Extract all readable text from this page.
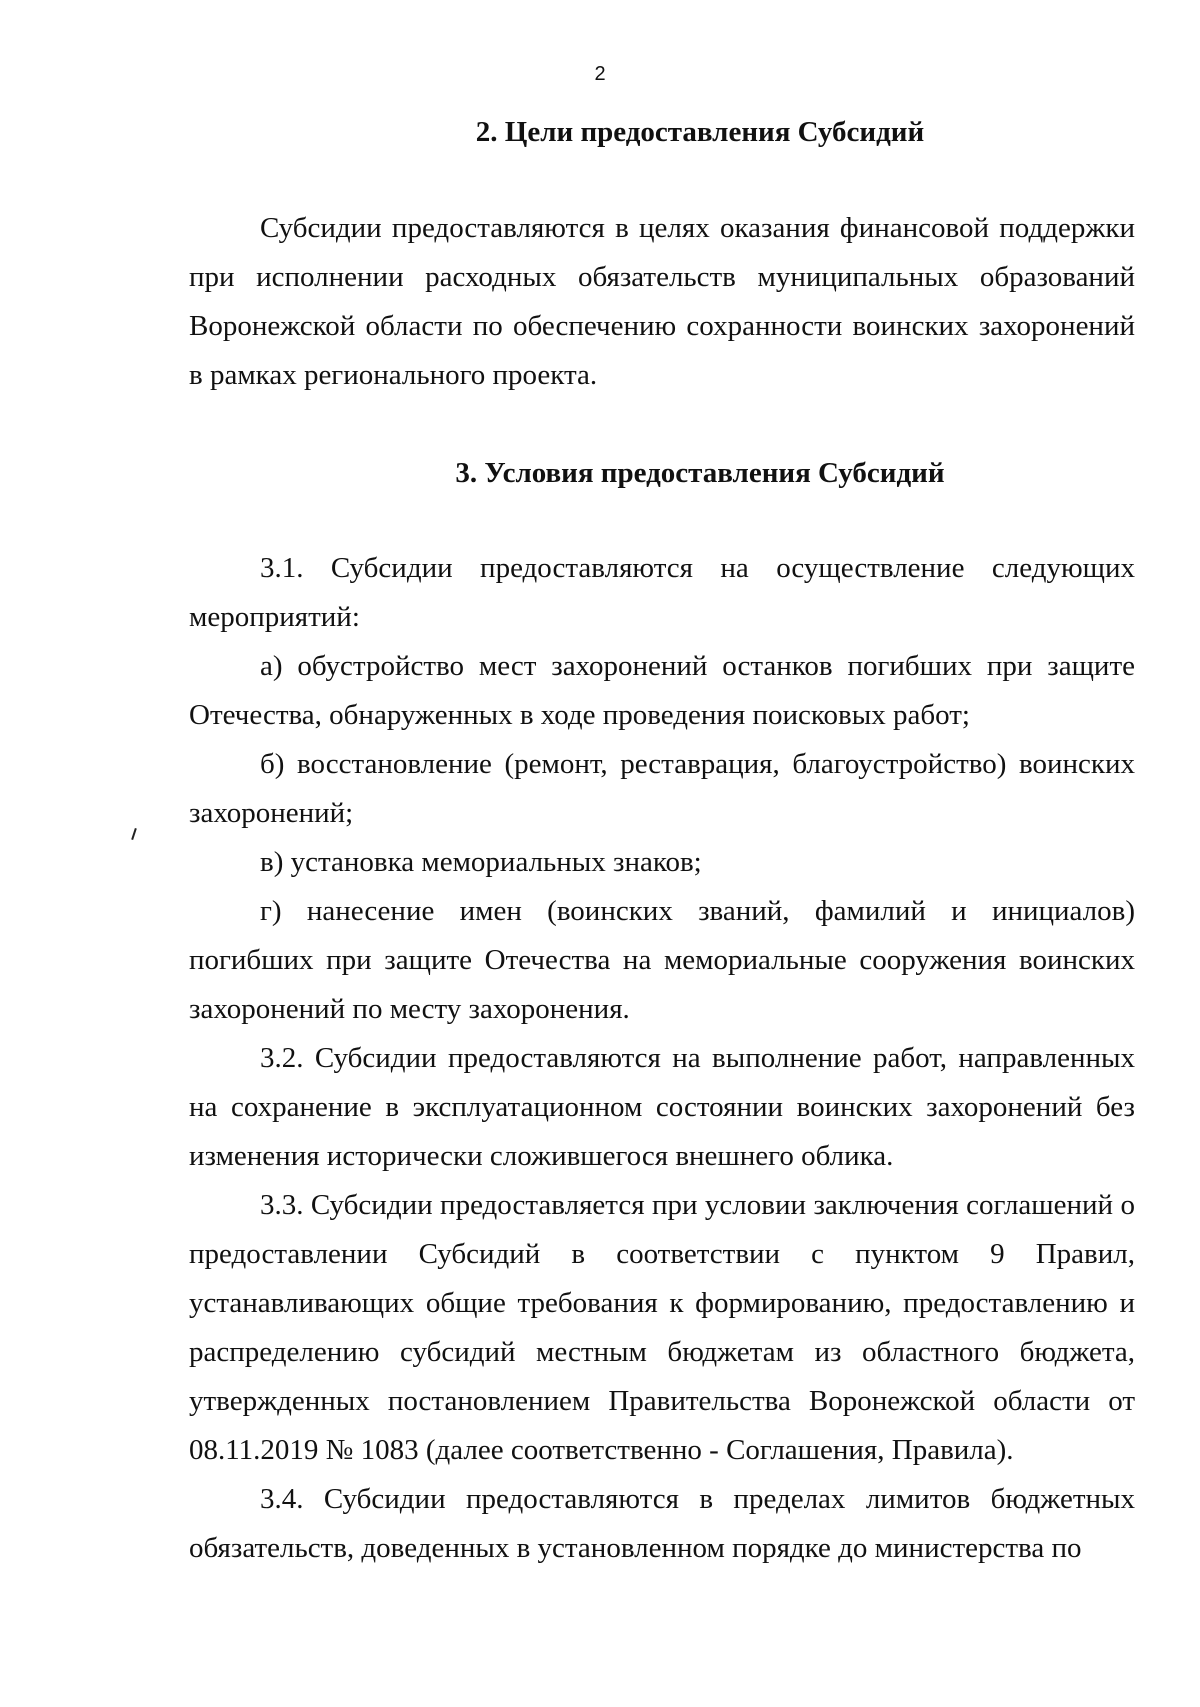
2
2. Цели предоставления Субсидий

Субсидии предоставляются в целях оказания финансовой поддержки при исполнении расходных обязательств муниципальных образований Воронежской области по обеспечению сохранности воинских захоронений в рамках регионального проекта.

3. Условия предоставления Субсидий

3.1. Субсидии предоставляются на осуществление следующих мероприятий:

а) обустройство мест захоронений останков погибших при защите Отечества, обнаруженных в ходе проведения поисковых работ;

б) восстановление (ремонт, реставрация, благоустройство) воинских захоронений;

в) установка мемориальных знаков;

г) нанесение имен (воинских званий, фамилий и инициалов) погибших при защите Отечества на мемориальные сооружения воинских захоронений по месту захоронения.

3.2. Субсидии предоставляются на выполнение работ, направленных на сохранение в эксплуатационном состоянии воинских захоронений без изменения исторически сложившегося внешнего облика.

3.3. Субсидии предоставляется при условии заключения соглашений о предоставлении Субсидий в соответствии с пунктом 9 Правил, устанавливающих общие требования к формированию, предоставлению и распределению субсидий местным бюджетам из областного бюджета, утвержденных постановлением Правительства Воронежской области от 08.11.2019 № 1083 (далее соответственно - Соглашения, Правила).

3.4. Субсидии предоставляются в пределах лимитов бюджетных обязательств, доведенных в установленном порядке до министерства по
